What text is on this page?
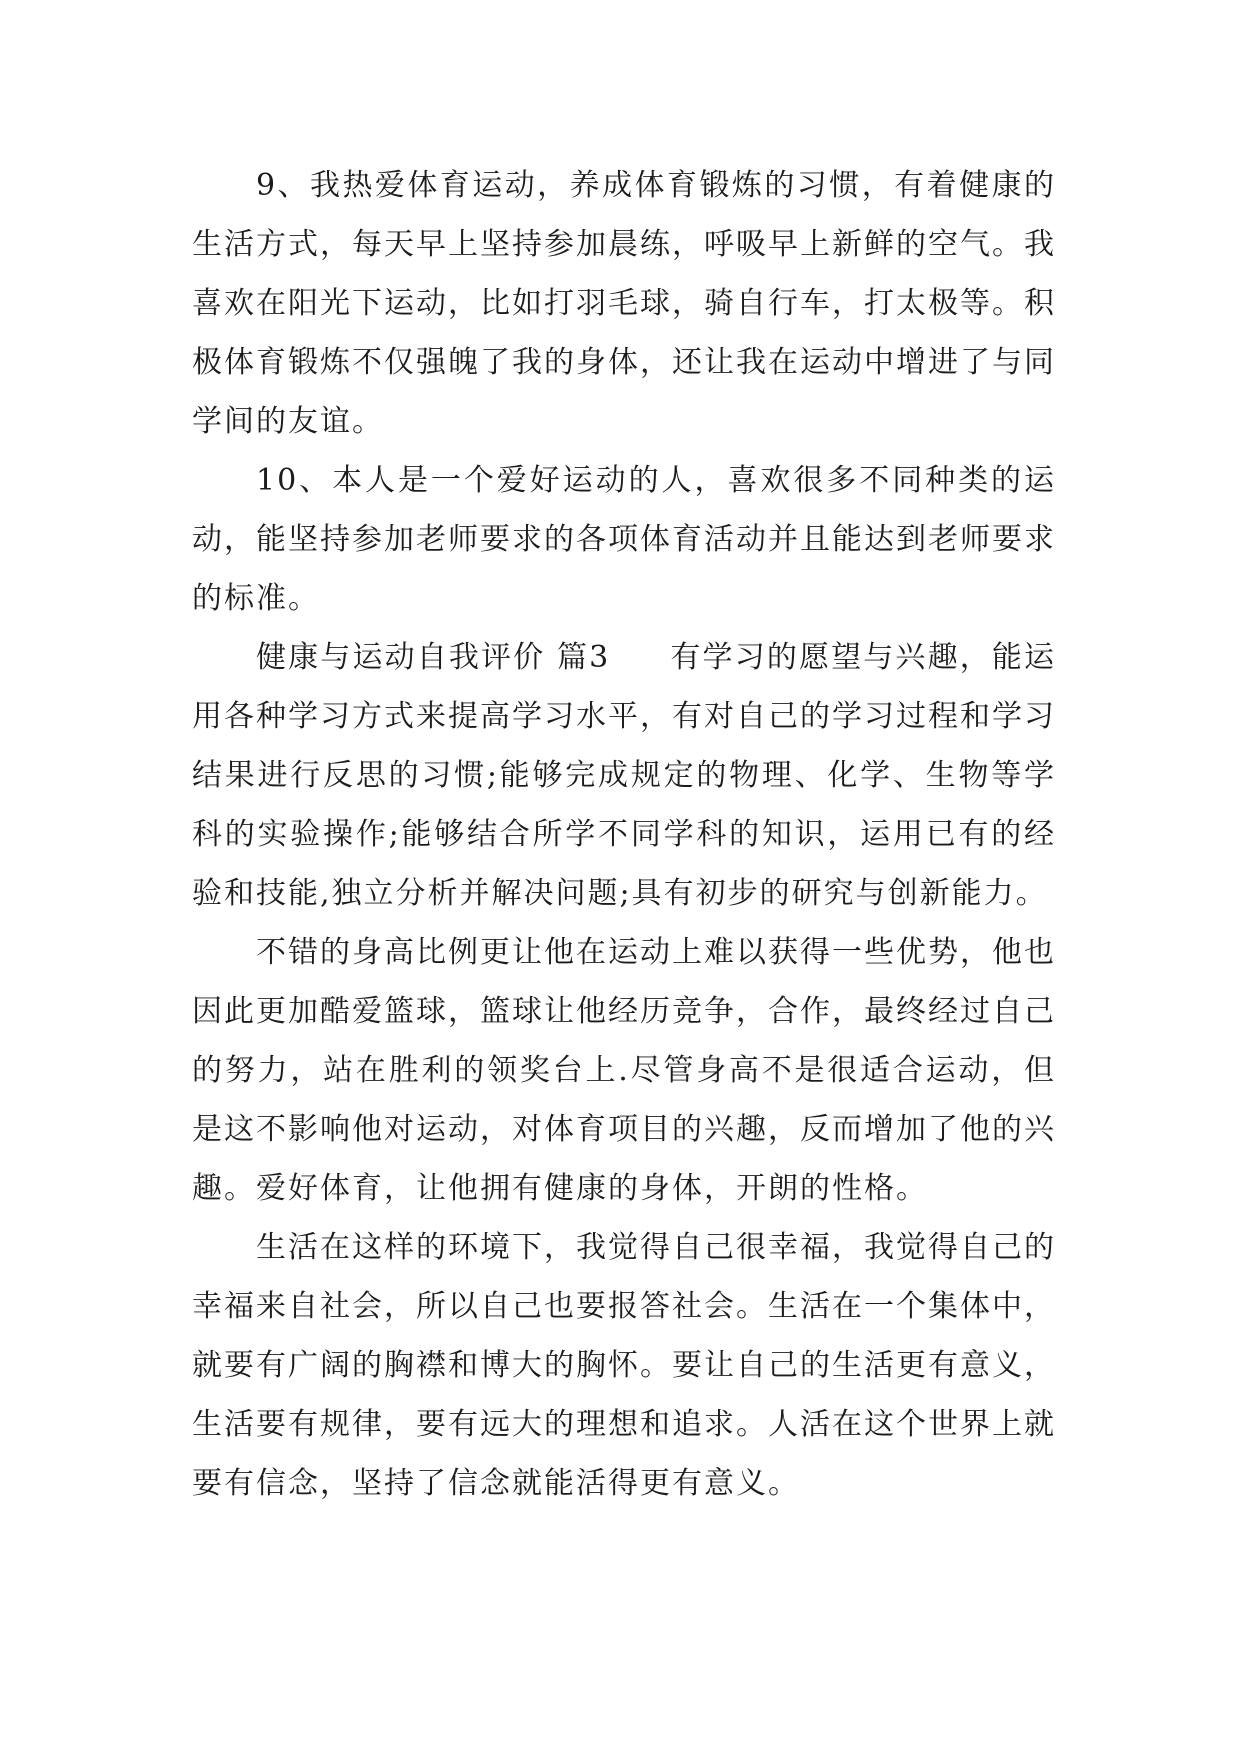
9、我热爱体育运动，养成体育锻炼的习惯，有着健康的生活方式，每天早上坚持参加晨练，呼吸早上新鲜的空气。我喜欢在阳光下运动，比如打羽毛球，骑自行车，打太极等。积极体育锻炼不仅强魄了我的身体，还让我在运动中增进了与同学间的友谊。

10、本人是一个爱好运动的人，喜欢很多不同种类的运动，能坚持参加老师要求的各项体育活动并且能达到老师要求的标准。

健康与运动自我评价 篇3 有学习的愿望与兴趣，能运用各种学习方式来提高学习水平，有对自己的学习过程和学习结果进行反思的习惯;能够完成规定的物理、化学、生物等学科的实验操作;能够结合所学不同学科的知识，运用已有的经验和技能,独立分析并解决问题;具有初步的研究与创新能力。

不错的身高比例更让他在运动上难以获得一些优势，他也因此更加酷爱篮球，篮球让他经历竞争，合作，最终经过自己的努力，站在胜利的领奖台上.尽管身高不是很适合运动，但是这不影响他对运动，对体育项目的兴趣，反而增加了他的兴趣。爱好体育，让他拥有健康的身体，开朗的性格。

生活在这样的环境下，我觉得自己很幸福，我觉得自己的幸福来自社会，所以自己也要报答社会。生活在一个集体中，就要有广阔的胸襟和博大的胸怀。要让自己的生活更有意义，生活要有规律，要有远大的理想和追求。人活在这个世界上就要有信念，坚持了信念就能活得更有意义。
